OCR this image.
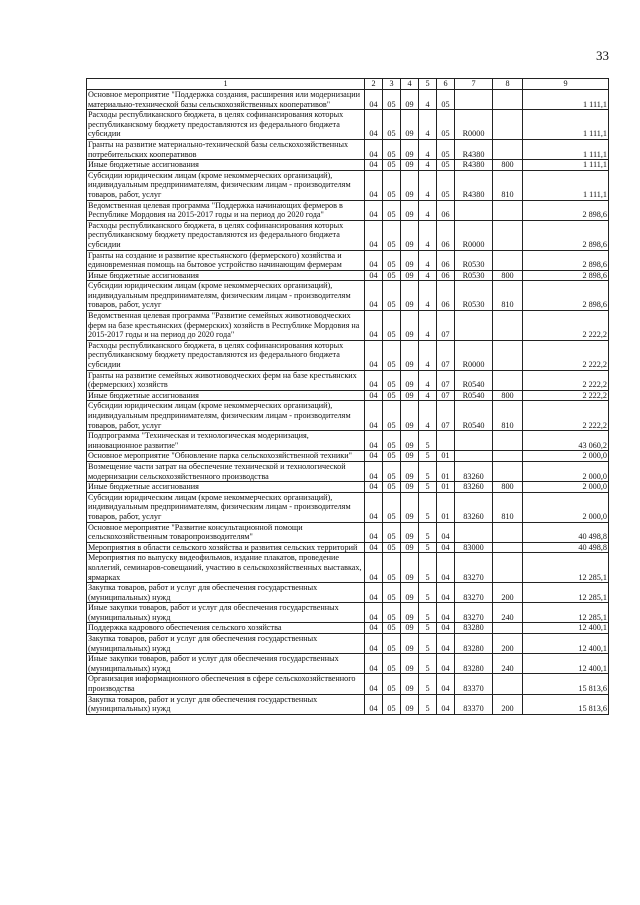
33
1	2	3	4	5	6	7	8	9
Основное мероприятие "Поддержка создания, расширения или модернизации материально-технической базы сельскохозяйственных кооперативов"	04	05	09	4	05			1 111,1
Расходы республиканского бюджета, в целях софинансирования которых республиканскому бюджету предоставляются из федерального бюджета субсидии	04	05	09	4	05	R0000		1 111,1
Гранты на развитие материально-технической базы сельскохозяйственных потребительских кооперативов	04	05	09	4	05	R4380		1 111,1
Иные бюджетные ассигнования	04	05	09	4	05	R4380	800	1 111,1
Субсидии юридическим лицам (кроме некоммерческих организаций), индивидуальным предпринимателям, физическим лицам - производителям товаров, работ, услуг	04	05	09	4	05	R4380	810	1 111,1
Ведомственная целевая программа "Поддержка начинающих фермеров в Республике Мордовия на 2015-2017 годы и на период до 2020 года"	04	05	09	4	06			2 898,6
Расходы республиканского бюджета, в целях софинансирования которых республиканскому бюджету предоставляются из федерального бюджета субсидии	04	05	09	4	06	R0000		2 898,6
Гранты на создание и развитие крестьянского (фермерского) хозяйства и единовременная помощь на бытовое устройство начинающим фермерам	04	05	09	4	06	R0530		2 898,6
Иные бюджетные ассигнования	04	05	09	4	06	R0530	800	2 898,6
Субсидии юридическим лицам (кроме некоммерческих организаций), индивидуальным предпринимателям, физическим лицам - производителям товаров, работ, услуг	04	05	09	4	06	R0530	810	2 898,6
Ведомственная целевая программа "Развитие семейных животноводческих ферм на базе крестьянских (фермерских) хозяйств в Республике Мордовия на 2015-2017 годы и на период до 2020 года"	04	05	09	4	07			2 222,2
Расходы республиканского бюджета, в целях софинансирования которых республиканскому бюджету предоставляются из федерального бюджета субсидии	04	05	09	4	07	R0000		2 222,2
Гранты на развитие семейных животноводческих ферм на базе крестьянских (фермерских) хозяйств	04	05	09	4	07	R0540		2 222,2
Иные бюджетные ассигнования	04	05	09	4	07	R0540	800	2 222,2
Субсидии юридическим лицам (кроме некоммерческих организаций), индивидуальным предпринимателям, физическим лицам - производителям товаров, работ, услуг	04	05	09	4	07	R0540	810	2 222,2
Подпрограмма "Техническая и технологическая модернизация, инновационное развитие"	04	05	09	5				43 060,2
Основное мероприятие "Обновление парка сельскохозяйственной техники"	04	05	09	5	01			2 000,0
Возмещение части затрат на обеспечение технической и технологической модернизации сельскохозяйственного производства	04	05	09	5	01	83260		2 000,0
Иные бюджетные ассигнования	04	05	09	5	01	83260	800	2 000,0
Субсидии юридическим лицам (кроме некоммерческих организаций), индивидуальным предпринимателям, физическим лицам - производителям товаров, работ, услуг	04	05	09	5	01	83260	810	2 000,0
Основное мероприятие "Развитие консультационной помощи сельскохозяйственным товаропроизводителям"	04	05	09	5	04			40 498,8
Мероприятия в области сельского хозяйства и развития сельских территорий	04	05	09	5	04	83000		40 498,8
Мероприятия по выпуску видеофильмов, издание плакатов, проведение коллегий, семинаров-совещаний, участию в сельскохозяйственных выставках, ярмарках	04	05	09	5	04	83270		12 285,1
Закупка товаров, работ и услуг для обеспечения государственных (муниципальных) нужд	04	05	09	5	04	83270	200	12 285,1
Иные закупки товаров, работ и услуг для обеспечения государственных (муниципальных) нужд	04	05	09	5	04	83270	240	12 285,1
Поддержка кадрового обеспечения сельского хозяйства	04	05	09	5	04	83280		12 400,1
Закупка товаров, работ и услуг для обеспечения государственных (муниципальных) нужд	04	05	09	5	04	83280	200	12 400,1
Иные закупки товаров, работ и услуг для обеспечения государственных (муниципальных) нужд	04	05	09	5	04	83280	240	12 400,1
Организация информационного обеспечения в сфере сельскохозяйственного производства	04	05	09	5	04	83370		15 813,6
Закупка товаров, работ и услуг для обеспечения государственных (муниципальных) нужд	04	05	09	5	04	83370	200	15 813,6
